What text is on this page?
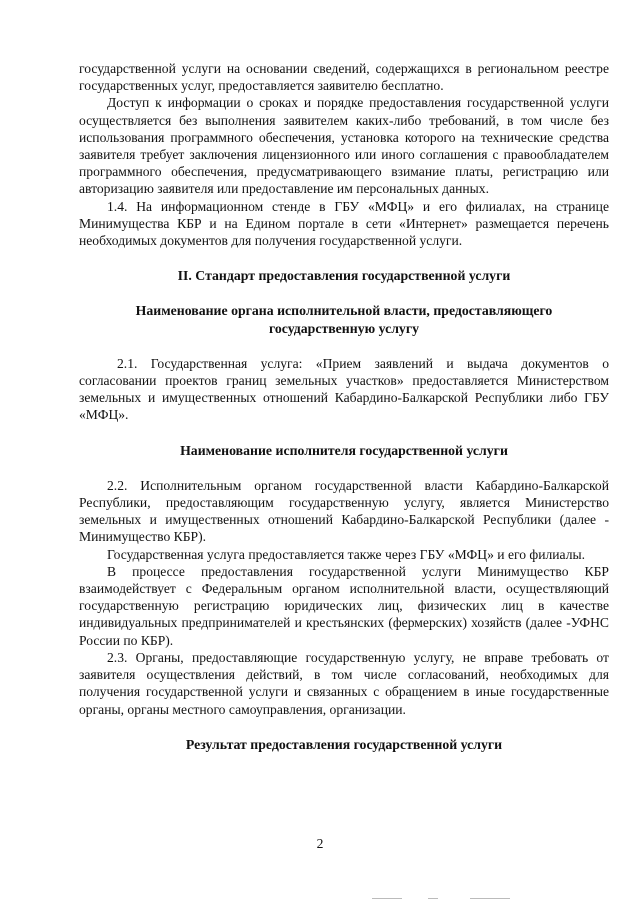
государственной услуги на основании сведений, содержащихся в региональном реестре государственных услуг, предоставляется заявителю бесплатно.

Доступ к информации о сроках и порядке предоставления государственной услуги осуществляется без выполнения заявителем каких-либо требований, в том числе без использования программного обеспечения, установка которого на технические средства заявителя требует заключения лицензионного или иного соглашения с правообладателем программного обеспечения, предусматривающего взимание платы, регистрацию или авторизацию заявителя или предоставление им персональных данных.

1.4. На информационном стенде в ГБУ «МФЦ» и его филиалах, на странице Минимущества КБР и на Едином портале в сети «Интернет» размещается перечень необходимых документов для получения государственной услуги.

II. Стандарт предоставления государственной услуги
Наименование органа исполнительной власти, предоставляющего государственную услугу

2.1. Государственная услуга: «Прием заявлений и выдача документов о согласовании проектов границ земельных участков» предоставляется Министерством земельных и имущественных отношений Кабардино-Балкарской Республики либо ГБУ «МФЦ».

Наименование исполнителя государственной услуги

2.2. Исполнительным органом государственной власти Кабардино-Балкарской Республики, предоставляющим государственную услугу, является Министерство земельных и имущественных отношений Кабардино-Балкарской Республики (далее - Минимущество КБР).

Государственная услуга предоставляется также через ГБУ «МФЦ» и его филиалы.

В процессе предоставления государственной услуги Минимущество КБР взаимодействует с Федеральным органом исполнительной власти, осуществляющий государственную регистрацию юридических лиц, физических лиц в качестве индивидуальных предпринимателей и крестьянских (фермерских) хозяйств (далее -УФНС России по КБР).

2.3. Органы, предоставляющие государственную услугу, не вправе требовать от заявителя осуществления действий, в том числе согласований, необходимых для получения государственной услуги и связанных с обращением в иные государственные органы, органы местного самоуправления, организации.

Результат предоставления государственной услуги
2
